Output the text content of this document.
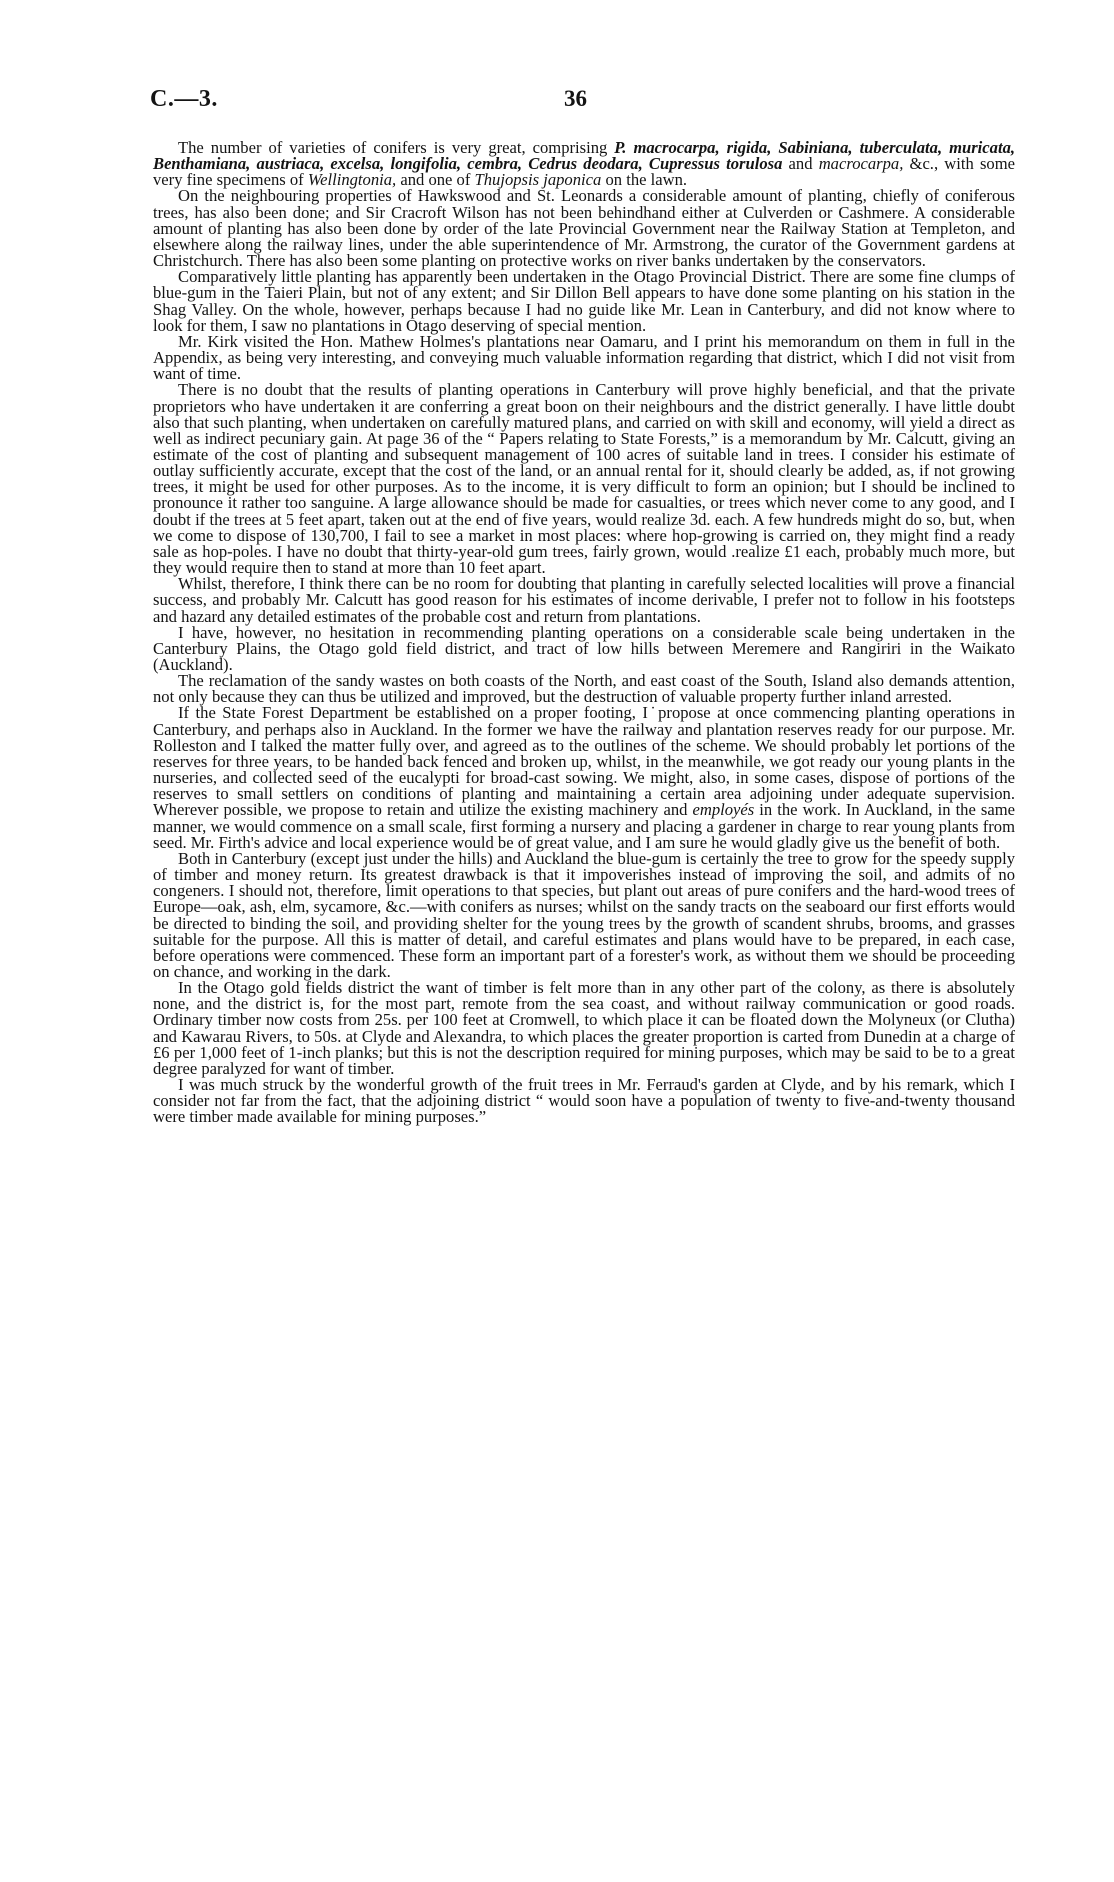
C.—3.	36

The number of varieties of conifers is very great, comprising P. macrocarpa, rigida, Sabiniana, tuberculata, muricata, Benthamiana, austriaca, excelsa, longifolia, cembra, Cedrus deodara, Cupressus torulosa and macrocarpa, &c., with some very fine specimens of Wellingtonia, and one of Thujopsis japonica on the lawn.

On the neighbouring properties of Hawkswood and St. Leonards a considerable amount of planting, chiefly of coniferous trees, has also been done; and Sir Cracroft Wilson has not been behindhand either at Culverden or Cashmere. A considerable amount of planting has also been done by order of the late Provincial Government near the Railway Station at Templeton, and elsewhere along the railway lines, under the able superintendence of Mr. Armstrong, the curator of the Government gardens at Christchurch. There has also been some planting on protective works on river banks undertaken by the conservators.

Comparatively little planting has apparently been undertaken in the Otago Provincial District. There are some fine clumps of blue-gum in the Taieri Plain, but not of any extent; and Sir Dillon Bell appears to have done some planting on his station in the Shag Valley. On the whole, however, perhaps because I had no guide like Mr. Lean in Canterbury, and did not know where to look for them, I saw no plantations in Otago deserving of special mention.

Mr. Kirk visited the Hon. Mathew Holmes's plantations near Oamaru, and I print his memorandum on them in full in the Appendix, as being very interesting, and conveying much valuable information regarding that district, which I did not visit from want of time.

There is no doubt that the results of planting operations in Canterbury will prove highly beneficial, and that the private proprietors who have undertaken it are conferring a great boon on their neighbours and the district generally. I have little doubt also that such planting, when undertaken on carefully matured plans, and carried on with skill and economy, will yield a direct as well as indirect pecuniary gain. At page 36 of the “ Papers relating to State Forests,” is a memorandum by Mr. Calcutt, giving an estimate of the cost of planting and subsequent management of 100 acres of suitable land in trees. I consider his estimate of outlay sufficiently accurate, except that the cost of the land, or an annual rental for it, should clearly be added, as, if not growing trees, it might be used for other purposes. As to the income, it is very difficult to form an opinion; but I should be inclined to pronounce it rather too sanguine. A large allowance should be made for casualties, or trees which never come to any good, and I doubt if the trees at 5 feet apart, taken out at the end of five years, would realize 3d. each. A few hundreds might do so, but, when we come to dispose of 130,700, I fail to see a market in most places: where hop-growing is carried on, they might find a ready sale as hop-poles. I have no doubt that thirty-year-old gum trees, fairly grown, would .realize £1 each, probably much more, but they would require then to stand at more than 10 feet apart.

Whilst, therefore, I think there can be no room for doubting that planting in carefully selected localities will prove a financial success, and probably Mr. Calcutt has good reason for his estimates of income derivable, I prefer not to follow in his footsteps and hazard any detailed estimates of the probable cost and return from plantations.

I have, however, no hesitation in recommending planting operations on a considerable scale being undertaken in the Canterbury Plains, the Otago gold field district, and tract of low hills between Meremere and Rangiriri in the Waikato (Auckland).

The reclamation of the sandy wastes on both coasts of the North, and east coast of the South, Island also demands attention, not only because they can thus be utilized and improved, but the destruction of valuable property further inland arrested.

If the State Forest Department be established on a proper footing, I˙propose at once commencing planting operations in Canterbury, and perhaps also in Auckland. In the former we have the railway and plantation reserves ready for our purpose. Mr. Rolleston and I talked the matter fully over, and agreed as to the outlines of the scheme. We should probably let portions of the reserves for three years, to be handed back fenced and broken up, whilst, in the meanwhile, we got ready our young plants in the nurseries, and collected seed of the eucalypti for broad-cast sowing. We might, also, in some cases, dispose of portions of the reserves to small settlers on conditions of planting and maintaining a certain area adjoining under adequate supervision. Wherever possible, we propose to retain and utilize the existing machinery and employés in the work. In Auckland, in the same manner, we would commence on a small scale, first forming a nursery and placing a gardener in charge to rear young plants from seed. Mr. Firth's advice and local experience would be of great value, and I am sure he would gladly give us the benefit of both.

Both in Canterbury (except just under the hills) and Auckland the blue-gum is certainly the tree to grow for the speedy supply of timber and money return. Its greatest drawback is that it impoverishes instead of improving the soil, and admits of no congeners. I should not, therefore, limit operations to that species, but plant out areas of pure conifers and the hard-wood trees of Europe—oak, ash, elm, sycamore, &c.—with conifers as nurses; whilst on the sandy tracts on the seaboard our first efforts would be directed to binding the soil, and providing shelter for the young trees by the growth of scandent shrubs, brooms, and grasses suitable for the purpose. All this is matter of detail, and careful estimates and plans would have to be prepared, in each case, before operations were commenced. These form an important part of a forester's work, as without them we should be proceeding on chance, and working in the dark.

In the Otago gold fields district the want of timber is felt more than in any other part of the colony, as there is absolutely none, and the district is, for the most part, remote from the sea coast, and without railway communication or good roads. Ordinary timber now costs from 25s. per 100 feet at Cromwell, to which place it can be floated down the Molyneux (or Clutha) and Kawarau Rivers, to 50s. at Clyde and Alexandra, to which places the greater proportion is carted from Dunedin at a charge of £6 per 1,000 feet of 1-inch planks; but this is not the description required for mining purposes, which may be said to be to a great degree paralyzed for want of timber.

I was much struck by the wonderful growth of the fruit trees in Mr. Ferraud's garden at Clyde, and by his remark, which I consider not far from the fact, that the adjoining district “ would soon have a population of twenty to five-and-twenty thousand were timber made available for mining purposes.”
